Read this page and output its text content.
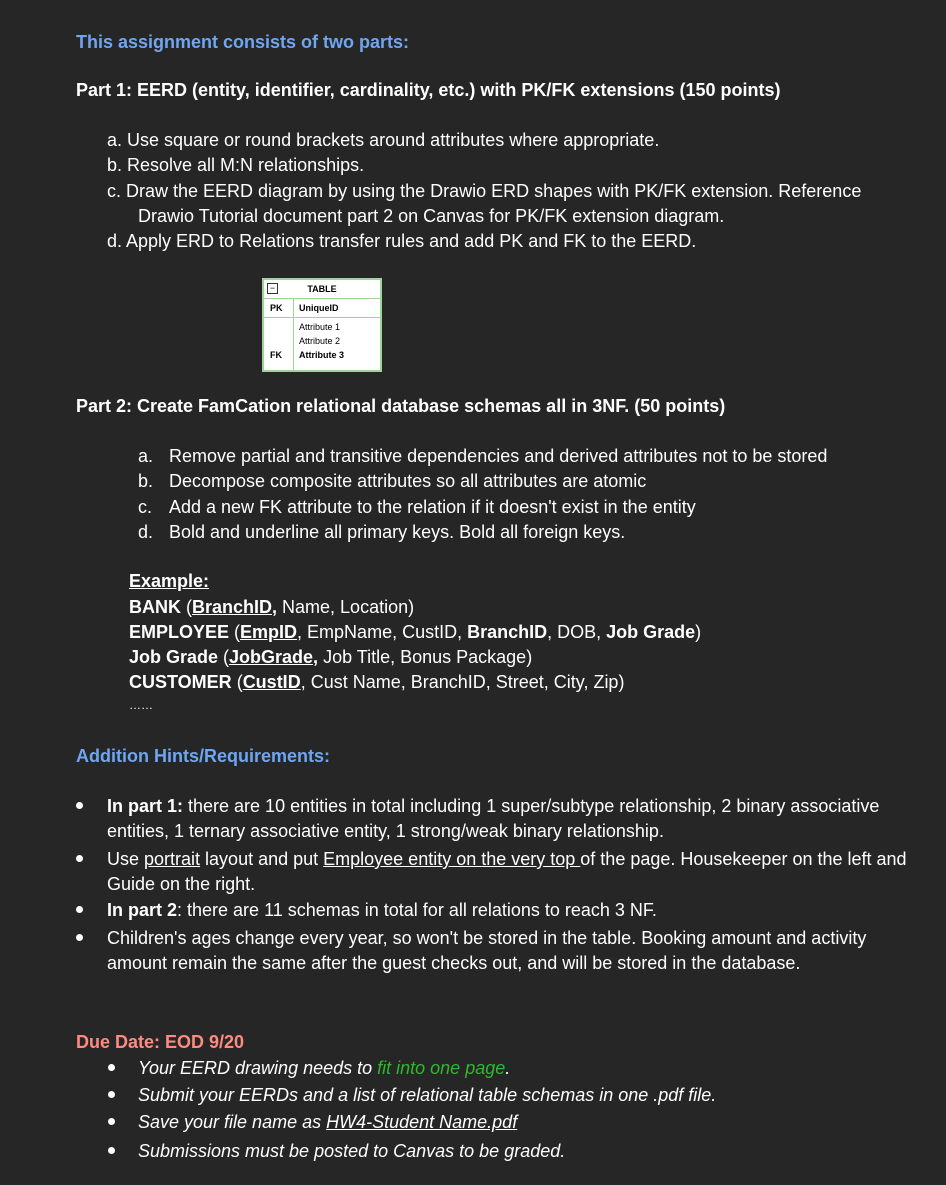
This assignment consists of two parts:
Part 1: EERD (entity, identifier, cardinality, etc.) with PK/FK extensions (150 points)
a. Use square or round brackets around attributes where appropriate.
b. Resolve all M:N relationships.
c. Draw the EERD diagram by using the Drawio ERD shapes with PK/FK extension. Reference
Drawio Tutorial document part 2 on Canvas for PK/FK extension diagram.
d. Apply ERD to Relations transfer rules and add PK and FK to the EERD.
−	TABLE
PK UniqueID
Attribute 1
Attribute 2
FK Attribute 3
Part 2: Create FamCation relational database schemas all in 3NF. (50 points)
a. Remove partial and transitive dependencies and derived attributes not to be stored
b. Decompose composite attributes so all attributes are atomic
c. Add a new FK attribute to the relation if it doesn't exist in the entity
d. Bold and underline all primary keys. Bold all foreign keys.
Example:
BANK (BranchID, Name, Location)
EMPLOYEE (EmpID, EmpName, CustID, BranchID, DOB, Job Grade)
Job Grade (JobGrade, Job Title, Bonus Package)
CUSTOMER (CustID, Cust Name, BranchID, Street, City, Zip)
……
Addition Hints/Requirements:
In part 1: there are 10 entities in total including 1 super/subtype relationship, 2 binary associative entities, 1 ternary associative entity, 1 strong/weak binary relationship.
Use portrait layout and put Employee entity on the very top of the page. Housekeeper on the left and Guide on the right.
In part 2: there are 11 schemas in total for all relations to reach 3 NF.
Children's ages change every year, so won't be stored in the table. Booking amount and activity amount remain the same after the guest checks out, and will be stored in the database.
Due Date: EOD 9/20
Your EERD drawing needs to fit into one page.
Submit your EERDs and a list of relational table schemas in one .pdf file.
Save your file name as HW4-Student Name.pdf
Submissions must be posted to Canvas to be graded.
